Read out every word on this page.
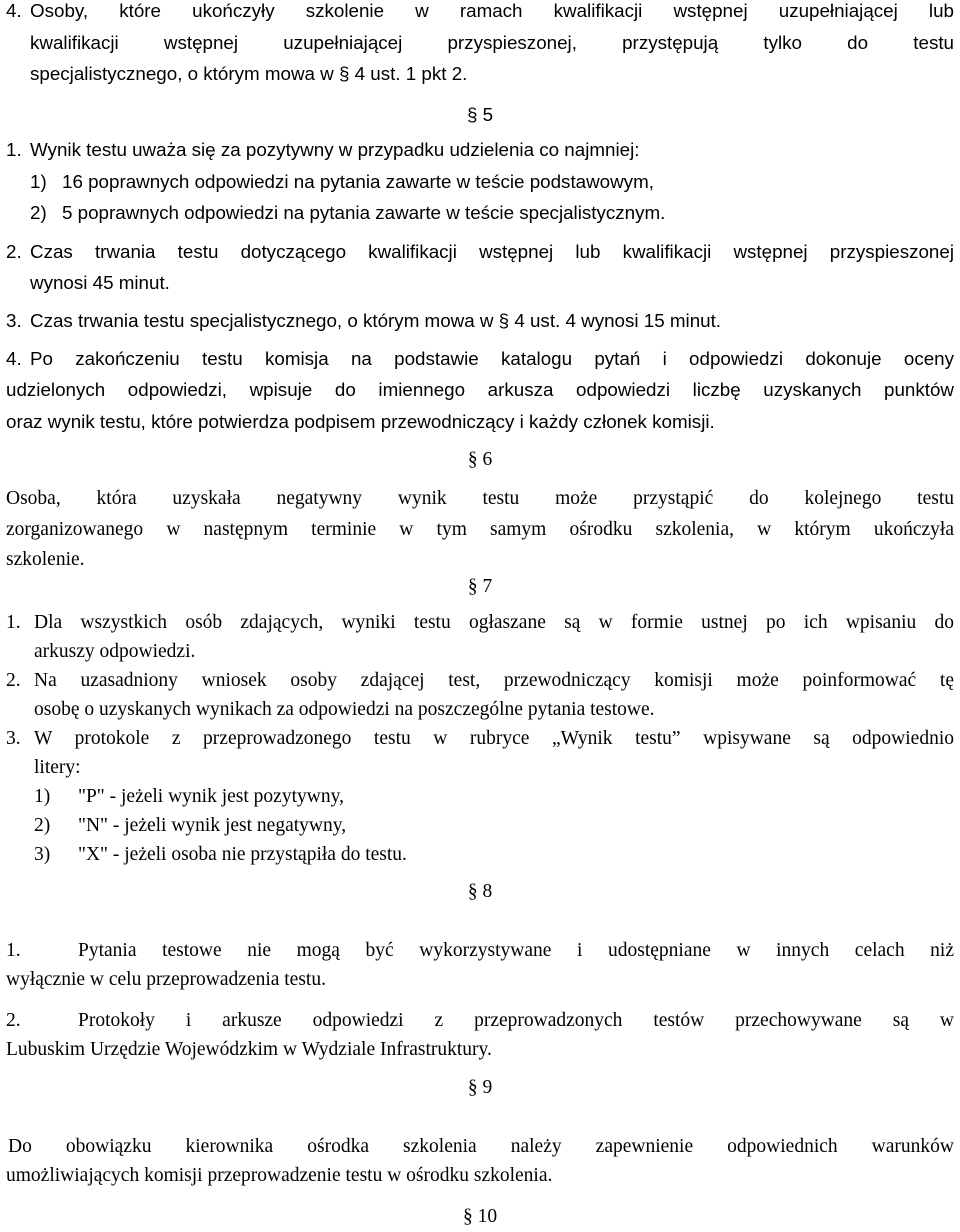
4. Osoby, które ukończyły szkolenie w ramach kwalifikacji wstępnej uzupełniającej lub
kwalifikacji wstępnej uzupełniającej przyspieszonej, przystępują tylko do testu
specjalistycznego, o którym mowa w § 4 ust. 1 pkt 2.
§ 5
1. Wynik testu uważa się za pozytywny w przypadku udzielenia co najmniej:
1) 16 poprawnych odpowiedzi na pytania zawarte w teście podstawowym,
2) 5 poprawnych odpowiedzi na pytania zawarte w teście specjalistycznym.
2. Czas trwania testu dotyczącego kwalifikacji wstępnej lub kwalifikacji wstępnej przyspieszonej
wynosi 45 minut.
3. Czas trwania testu specjalistycznego, o którym mowa w § 4 ust. 4 wynosi 15 minut.
4. Po zakończeniu testu komisja na podstawie katalogu pytań i odpowiedzi dokonuje oceny
udzielonych odpowiedzi, wpisuje do imiennego arkusza odpowiedzi liczbę uzyskanych punktów
oraz wynik testu, które potwierdza podpisem przewodniczący i każdy członek komisji.
§ 6
Osoba, która uzyskała negatywny wynik testu może przystąpić do kolejnego testu
zorganizowanego w następnym terminie w tym samym ośrodku szkolenia, w którym ukończyła
szkolenie.
§ 7
1. Dla wszystkich osób zdających, wyniki testu ogłaszane są w formie ustnej po ich wpisaniu do
arkuszy odpowiedzi.
2. Na uzasadniony wniosek osoby zdającej test, przewodniczący komisji może poinformować tę
osobę o uzyskanych wynikach za odpowiedzi na poszczególne pytania testowe.
3. W protokole z przeprowadzonego testu w rubryce „Wynik testu” wpisywane są odpowiednio
litery:
1) "P" - jeżeli wynik jest pozytywny,
2) "N" - jeżeli wynik jest negatywny,
3) "X" - jeżeli osoba nie przystąpiła do testu.
§ 8
1.	Pytania testowe nie mogą być wykorzystywane i udostępniane w innych celach niż
wyłącznie w celu przeprowadzenia testu.
2.	Protokoły i arkusze odpowiedzi z przeprowadzonych testów przechowywane są w
Lubuskim Urzędzie Wojewódzkim w Wydziale Infrastruktury.
§ 9
Do obowiązku kierownika ośrodka szkolenia należy zapewnienie odpowiednich warunków
umożliwiających komisji przeprowadzenie testu w ośrodku szkolenia.
§ 10
